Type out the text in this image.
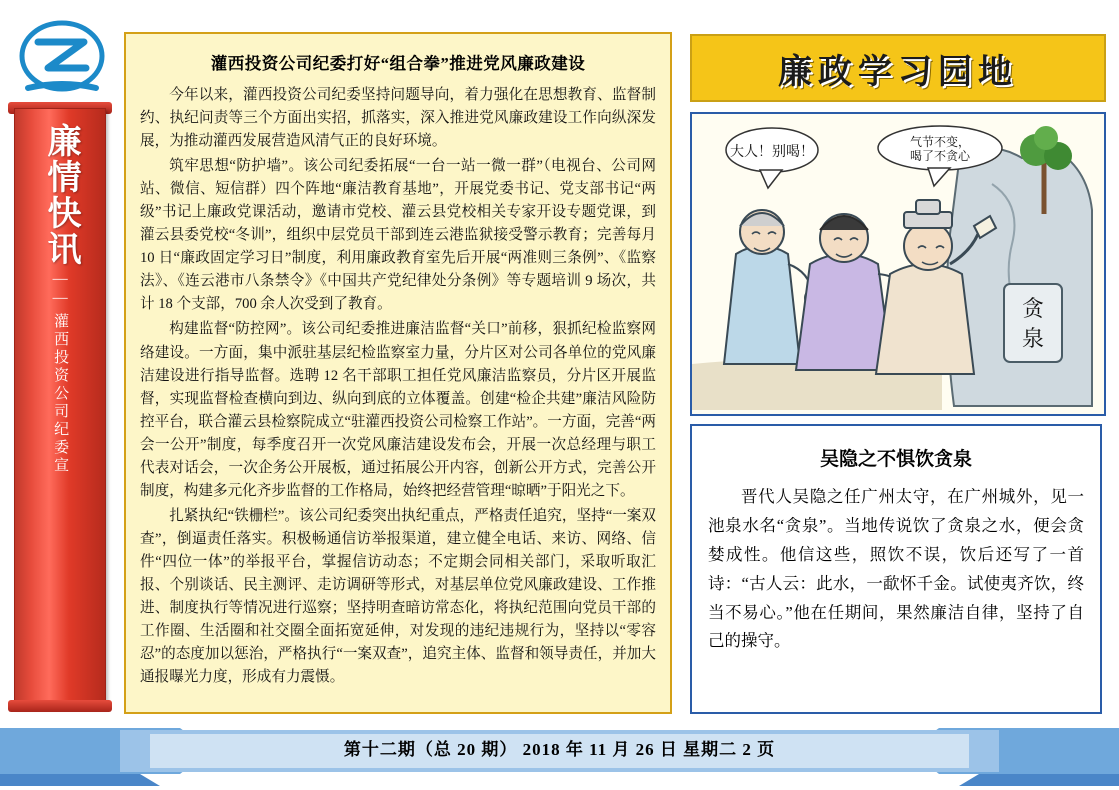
廉情快讯
——
灌西投资公司纪委宣
灌西投资公司纪委打好“组合拳”推进党风廉政建设

今年以来，灌西投资公司纪委坚持问题导向，着力强化在思想教育、监督制约、执纪问责等三个方面出实招，抓落实，深入推进党风廉政建设工作向纵深发展，为推动灌西发展营造风清气正的良好环境。

筑牢思想“防护墙”。该公司纪委拓展“一台一站一微一群”（电视台、公司网站、微信、短信群）四个阵地“廉洁教育基地”，开展党委书记、党支部书记“两级”书记上廉政党课活动，邀请市党校、灌云县党校相关专家开设专题党课，到灌云县委党校“冬训”，组织中层党员干部到连云港监狱接受警示教育；完善每月 10 日“廉政固定学习日”制度，利用廉政教育室先后开展“两准则三条例”、《监察法》、《连云港市八条禁令》《中国共产党纪律处分条例》等专题培训 9 场次，共计 18 个支部，700 余人次受到了教育。

构建监督“防控网”。该公司纪委推进廉洁监督“关口”前移，狠抓纪检监察网络建设。一方面，集中派驻基层纪检监察室力量，分片区对公司各单位的党风廉洁建设进行指导监督。选聘 12 名干部职工担任党风廉洁监察员，分片区开展监督，实现监督检查横向到边、纵向到底的立体覆盖。创建“检企共建”廉洁风险防控平台，联合灌云县检察院成立“驻灌西投资公司检察工作站”。一方面，完善“两会一公开”制度，每季度召开一次党风廉洁建设发布会，开展一次总经理与职工代表对话会，一次企务公开展板，通过拓展公开内容，创新公开方式，完善公开制度，构建多元化齐步监督的工作格局，始终把经营管理“晾晒”于阳光之下。

扎紧执纪“铁栅栏”。该公司纪委突出执纪重点，严格责任追究，坚持“一案双查”，倒逼责任落实。积极畅通信访举报渠道，建立健全电话、来访、网络、信件“四位一体”的举报平台，掌握信访动态；不定期会同相关部门，采取听取汇报、个别谈话、民主测评、走访调研等形式，对基层单位党风廉政建设、工作推进、制度执行等情况进行巡察；坚持明查暗访常态化，将执纪范围向党员干部的工作圈、生活圈和社交圈全面拓宽延伸，对发现的违纪违规行为，坚持以“零容忍”的态度加以惩治，严格执行“一案双查”，追究主体、监督和领导责任，并加大通报曝光力度，形成有力震慑。

廉政学习园地
贪
泉
大人！别喝！
气节不变，
喝了不贪心
吴隐之不惧饮贪泉

晋代人吴隐之任广州太守，在广州城外，见一池泉水名“贪泉”。当地传说饮了贪泉之水，便会贪婪成性。他信这些，照饮不误，饮后还写了一首诗：“古人云：此水，一歃怀千金。试使夷齐饮，终当不易心。”他在任期间，果然廉洁自律，坚持了自己的操守。

第十二期（总 20 期） 2018 年 11 月 26 日 星期二 2 页
